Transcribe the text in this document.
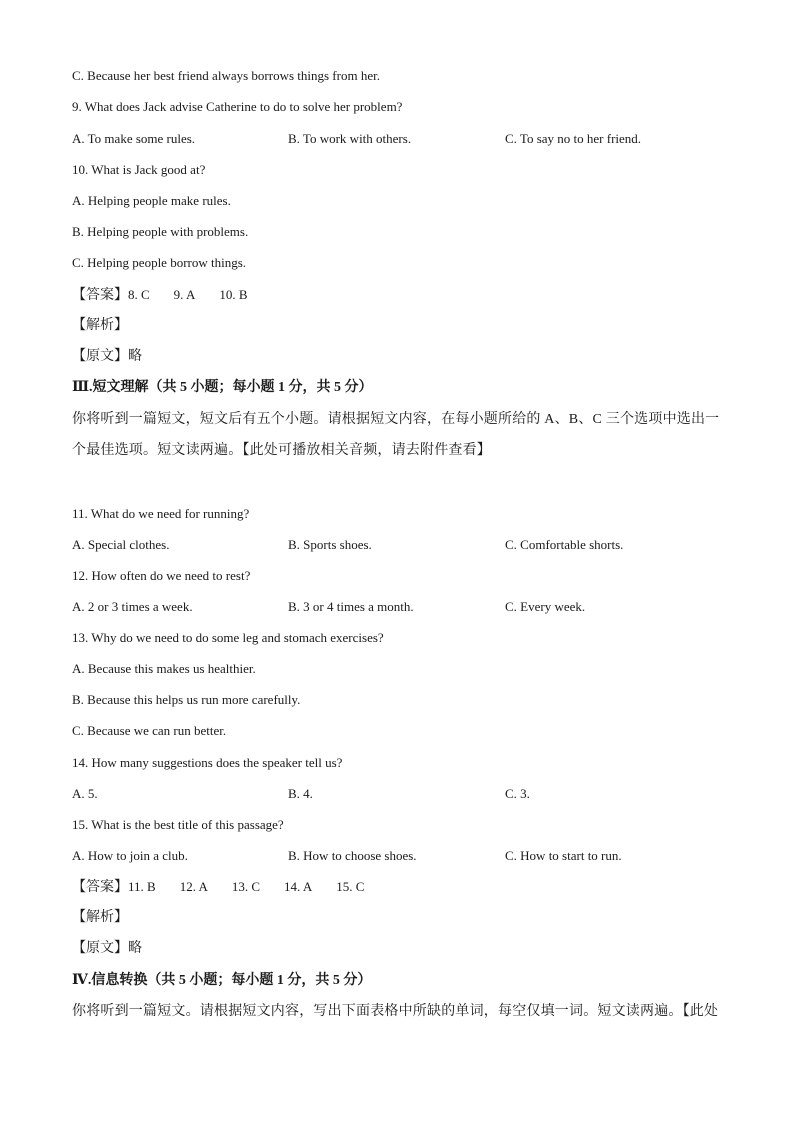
C. Because her best friend always borrows things from her.
9. What does Jack advise Catherine to do to solve her problem?
A. To make some rules.	B. To work with others.	C. To say no to her friend.
10. What is Jack good at?
A. Helping people make rules.
B. Helping people with problems.
C. Helping people borrow things.
【答案】8. C 9. A 10. B
【解析】
【原文】略
Ⅲ.短文理解（共 5 小题；每小题 1 分，共 5 分）
你将听到一篇短文，短文后有五个小题。请根据短文内容，在每小题所给的 A、B、C 三个选项中选出一
个最佳选项。短文读两遍。【此处可播放相关音频，请去附件查看】
11. What do we need for running?
A. Special clothes.	B. Sports shoes.	C. Comfortable shorts.
12. How often do we need to rest?
A. 2 or 3 times a week.	B. 3 or 4 times a month.	C. Every week.
13. Why do we need to do some leg and stomach exercises?
A. Because this makes us healthier.
B. Because this helps us run more carefully.
C. Because we can run better.
14. How many suggestions does the speaker tell us?
A. 5.	B. 4.	C. 3.
15. What is the best title of this passage?
A. How to join a club.	B. How to choose shoes.	C. How to start to run.
【答案】11. B 12. A 13. C 14. A 15. C
【解析】
【原文】略
Ⅳ.信息转换（共 5 小题；每小题 1 分，共 5 分）
你将听到一篇短文。请根据短文内容，写出下面表格中所缺的单词，每空仅填一词。短文读两遍。【此处
